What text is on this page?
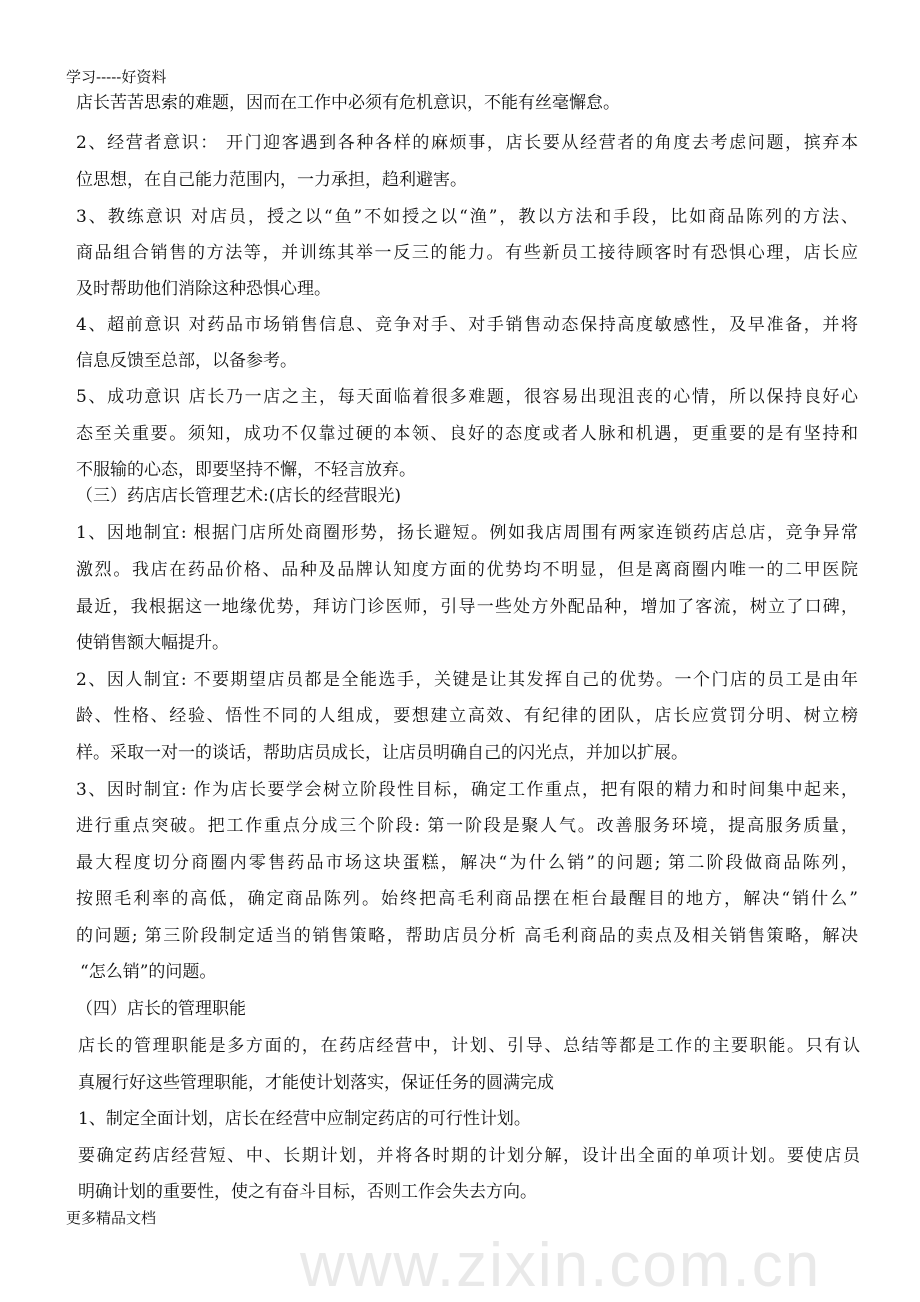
学习-----好资料
店长苦苦思索的难题，因而在工作中必须有危机意识，不能有丝毫懈怠。
2、经营者意识： 开门迎客遇到各种各样的麻烦事，店长要从经营者的角度去考虑问题，摈弃本
位思想，在自己能力范围内，一力承担，趋利避害。
3、教练意识 对店员，授之以“鱼”不如授之以“渔”，教以方法和手段，比如商品陈列的方法、
商品组合销售的方法等，并训练其举一反三的能力。有些新员工接待顾客时有恐惧心理，店长应
及时帮助他们消除这种恐惧心理。
4、超前意识 对药品市场销售信息、竞争对手、对手销售动态保持高度敏感性，及早准备，并将
信息反馈至总部，以备参考。
5、成功意识 店长乃一店之主，每天面临着很多难题，很容易出现沮丧的心情，所以保持良好心
态至关重要。须知，成功不仅靠过硬的本领、良好的态度或者人脉和机遇，更重要的是有坚持和
不服输的心态，即要坚持不懈，不轻言放弃。
（三）药店店长管理艺术:(店长的经营眼光)
1、因地制宜: 根据门店所处商圈形势，扬长避短。例如我店周围有两家连锁药店总店，竞争异常
激烈。我店在药品价格、品种及品牌认知度方面的优势均不明显，但是离商圈内唯一的二甲医院
最近，我根据这一地缘优势，拜访门诊医师，引导一些处方外配品种，增加了客流，树立了口碑，
使销售额大幅提升。
2、因人制宜: 不要期望店员都是全能选手，关键是让其发挥自己的优势。一个门店的员工是由年
龄、性格、经验、悟性不同的人组成，要想建立高效、有纪律的团队，店长应赏罚分明、树立榜
样。采取一对一的谈话，帮助店员成长，让店员明确自己的闪光点，并加以扩展。
3、因时制宜: 作为店长要学会树立阶段性目标，确定工作重点，把有限的精力和时间集中起来，
进行重点突破。把工作重点分成三个阶段: 第一阶段是聚人气。改善服务环境，提高服务质量，
最大程度切分商圈内零售药品市场这块蛋糕，解决“为什么销”的问题; 第二阶段做商品陈列，
按照毛利率的高低，确定商品陈列。始终把高毛利商品摆在柜台最醒目的地方，解决“销什么”
的问题; 第三阶段制定适当的销售策略，帮助店员分析 高毛利商品的卖点及相关销售策略，解决
“怎么销”的问题。
（四）店长的管理职能
店长的管理职能是多方面的，在药店经营中，计划、引导、总结等都是工作的主要职能。只有认
真履行好这些管理职能，才能使计划落实，保证任务的圆满完成
1、制定全面计划，店长在经营中应制定药店的可行性计划。
要确定药店经营短、中、长期计划，并将各时期的计划分解，设计出全面的单项计划。要使店员
明确计划的重要性，使之有奋斗目标，否则工作会失去方向。
更多精品文档
www.zixin.com.cn
